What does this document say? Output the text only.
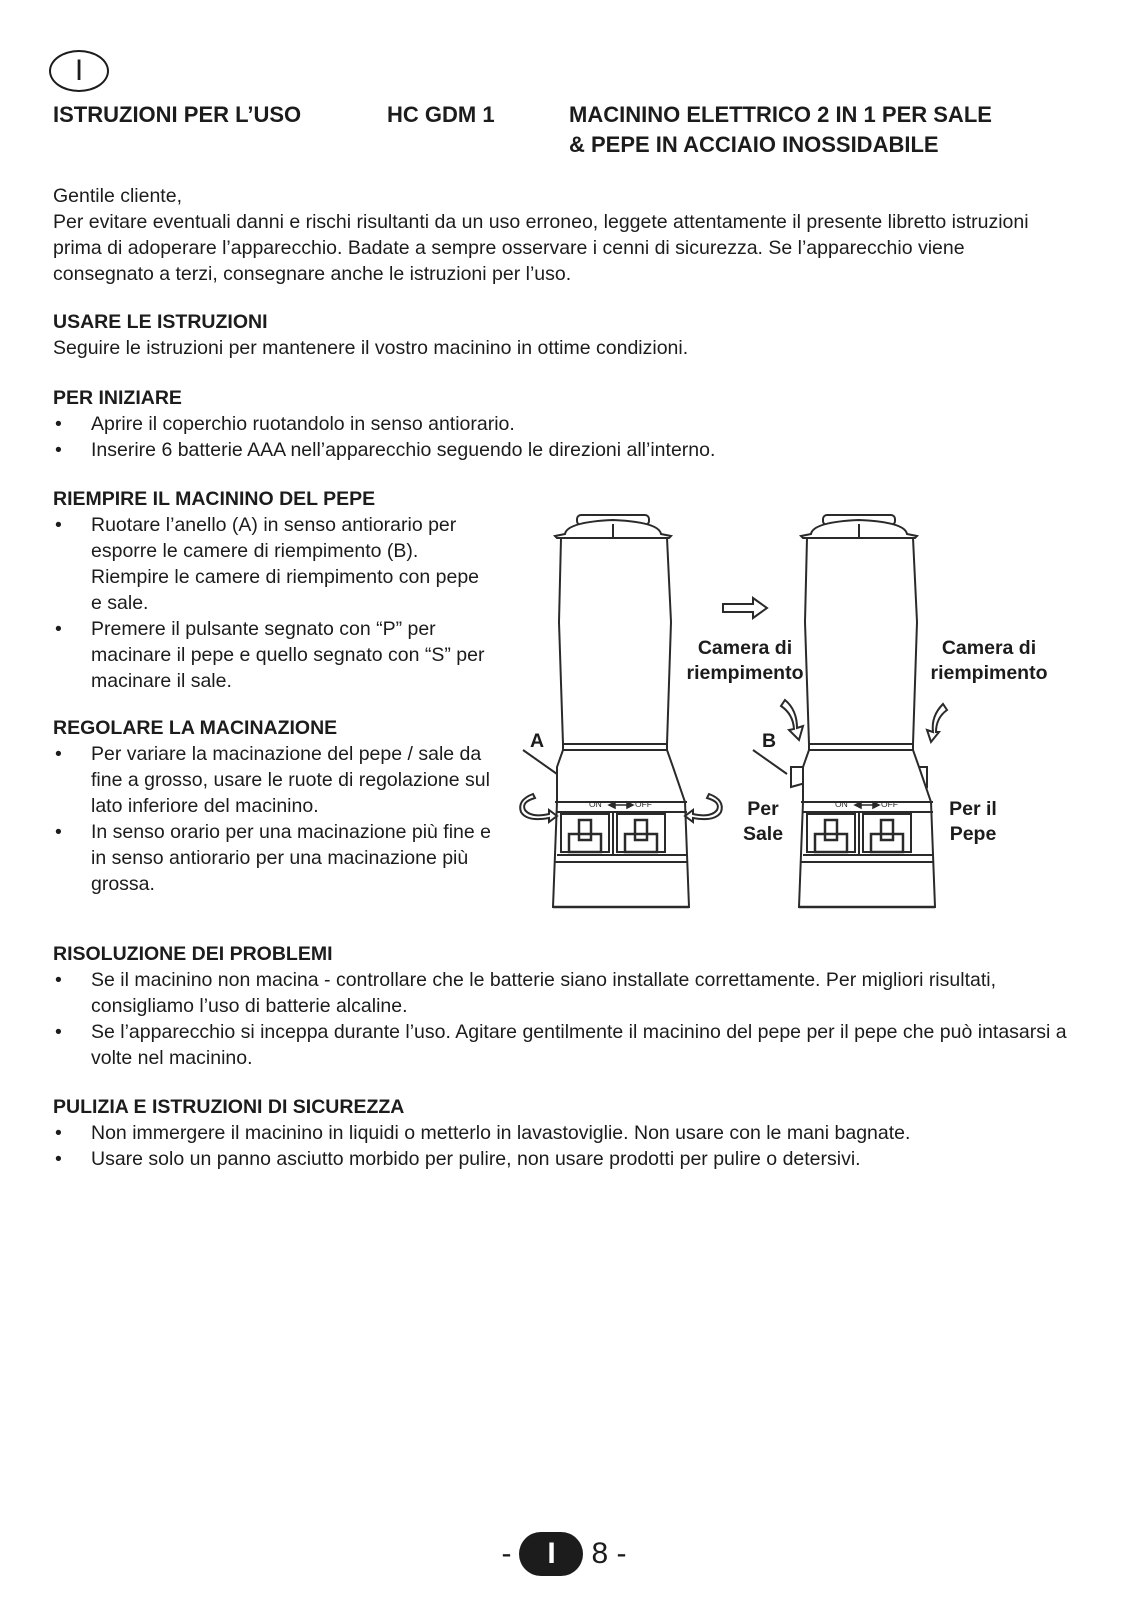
I
ISTRUZIONI PER L’USO	HC GDM 1	MACININO ELETTRICO 2 IN 1 PER SALE
& PEPE IN ACCIAIO INOSSIDABILE
Gentile cliente,
Per evitare eventuali danni e rischi risultanti da un uso erroneo, leggete attentamente il presente libretto istruzioni prima di adoperare l’apparecchio. Badate a sempre osservare i cenni di sicurezza. Se l’apparecchio viene consegnato a terzi, consegnare anche le istruzioni per l’uso.
USARE LE ISTRUZIONI
Seguire le istruzioni per mantenere il vostro macinino in ottime condizioni.
PER INIZIARE
• Aprire il coperchio ruotandolo in senso antiorario.
• Inserire 6 batterie AAA nell’apparecchio seguendo le direzioni all’interno.
RIEMPIRE IL MACININO DEL PEPE
• Ruotare l’anello (A) in senso antiorario per esporre le camere di riempimento (B). Riempire le camere di riempimento con pepe e sale.
• Premere il pulsante segnato con “P” per macinare il pepe e quello segnato con “S” per macinare il sale.
REGOLARE LA MACINAZIONE
• Per variare la macinazione del pepe / sale da fine a grosso, usare le ruote di regolazione sul lato inferiore del macinino.
• In senso orario per una macinazione più fine e in senso antiorario per una macinazione più grossa.
ON	OFF	ON	OFF
A	B
Camera di riempimento
Camera di riempimento
Per Sale
Per il Pepe
RISOLUZIONE DEI PROBLEMI
• Se il macinino non macina - controllare che le batterie siano installate correttamente. Per migliori risultati, consigliamo l’uso di batterie alcaline.
• Se l’apparecchio si inceppa durante l’uso. Agitare gentilmente il macinino del pepe per il pepe che può intasarsi a volte nel macinino.
PULIZIA E ISTRUZIONI DI SICUREZZA
• Non immergere il macinino in liquidi o metterlo in lavastoviglie. Non usare con le mani bagnate.
• Usare solo un panno asciutto morbido per pulire, non usare prodotti per pulire o detersivi.
-	I	8 -
